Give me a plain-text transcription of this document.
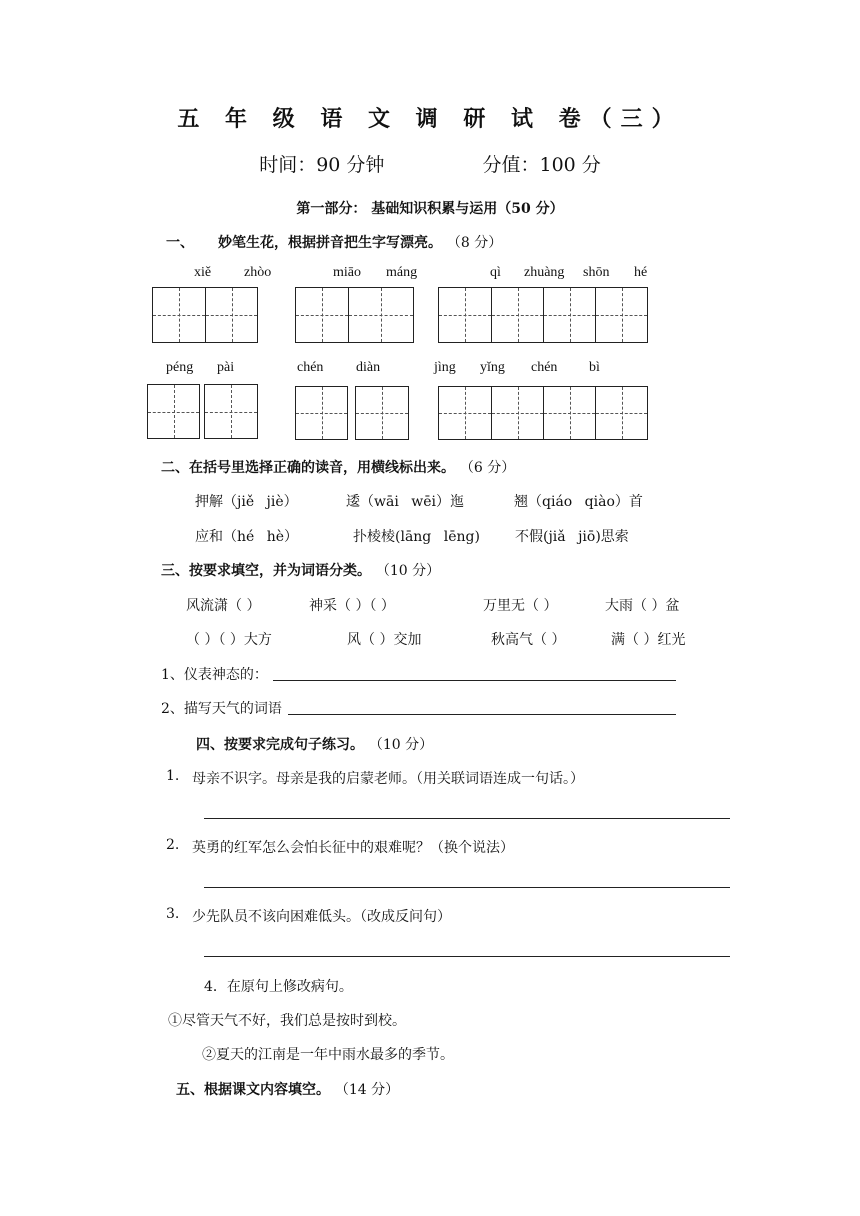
五 年 级 语 文 调 研 试 卷（三）
时间：90 分钟	分值：100 分
第一部分： 基础知识积累与运用（50 分）
一、 妙笔生花，根据拼音把生字写漂亮。 （8 分）
xiě zhòo	miāo máng	qì zhuàng shōn hé
péng pài	chén diàn	jìng yǐng chén bì
二、在括号里选择正确的读音，用横线标出来。 （6 分）
押解（jiě jiè）	逶（wāi wēi）迤	翘（qiáo qiào）首
应和（hé hè）	扑棱棱(lāng lēng)	不假(jiǎ jiō)思索
三、按要求填空，并为词语分类。 （10 分）
风流潇（ ）	神采（ ）（ ）	万里无（ ）	大雨（ ）盆
（ ）（ ）大方	风（ ）交加	秋高气（ ）	满（ ）红光
1、仪表神态的：
2、描写天气的词语
四、按要求完成句子练习。 （10 分）
1. 母亲不识字。母亲是我的启蒙老师。（用关联词语连成一句话。）
2. 英勇的红军怎么会怕长征中的艰难呢？（换个说法）
3. 少先队员不该向困难低头。（改成反问句）
4．在原句上修改病句。
①尽管天气不好，我们总是按时到校。
②夏天的江南是一年中雨水最多的季节。
五、根据课文内容填空。 （14 分）
